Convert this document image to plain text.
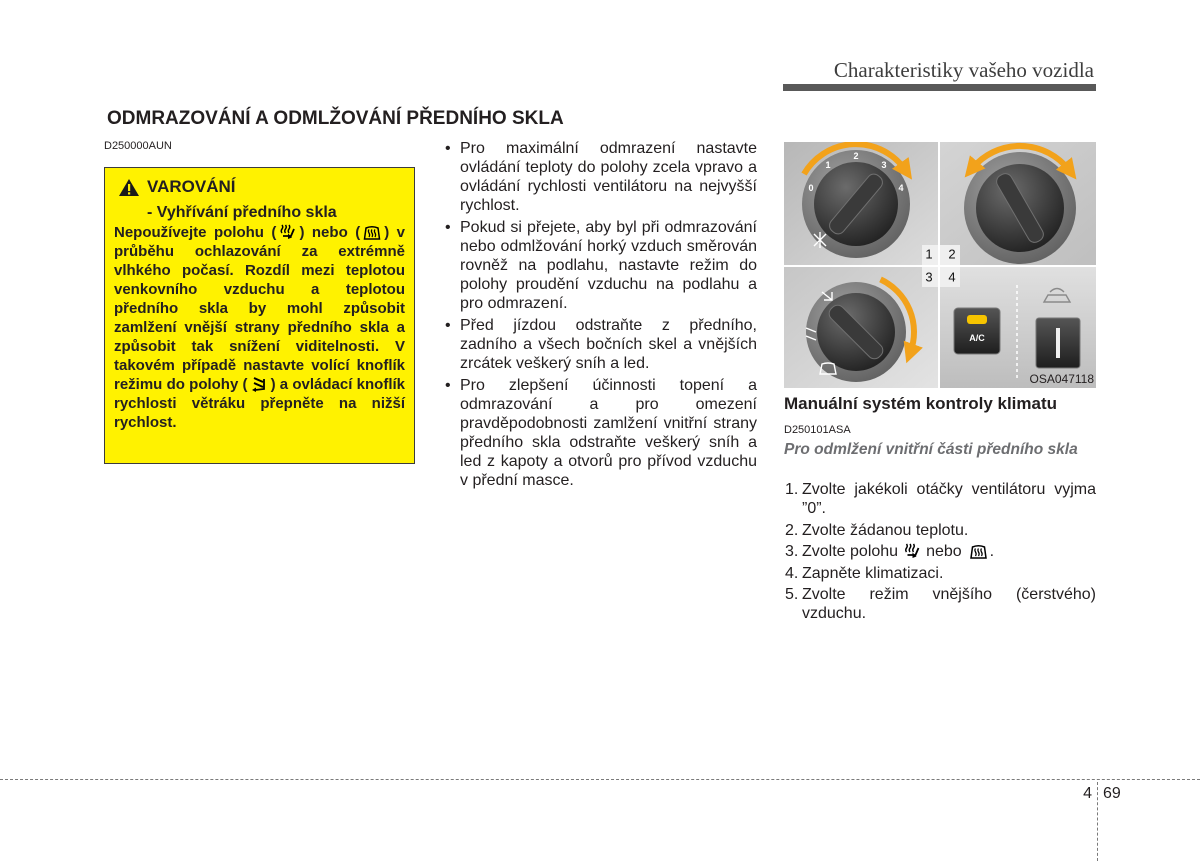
Charakteristiky vašeho vozidla
ODMRAZOVÁNÍ A ODMLŽOVÁNÍ PŘEDNÍHO SKLA
D250000AUN
VAROVÁNÍ
- Vyhřívání předního skla
Nepoužívejte polohu ( ) nebo ( ) v průběhu ochlazování za extrémně vlhkého počasí. Rozdíl mezi teplotou venkovního vzduchu a teplotou předního skla by mohl způsobit zamlžení vnější strany předního skla a způsobit tak snížení viditelnosti. V takovém případě nastavte volící knoflík režimu do polohy ( ) a ovládací knoflík rychlosti větráku přepněte na nižší rychlost.
• Pro maximální odmrazení nastavte ovládání teploty do polohy zcela vpravo a ovládání rychlosti ventilátoru na nejvyšší rychlost.
• Pokud si přejete, aby byl při odmrazování nebo odmlžování horký vzduch směrován rovněž na podlahu, nastavte režim do polohy proudění vzduchu na podlahu a pro odmrazení.
• Před jízdou odstraňte z předního, zadního a všech bočních skel a vnějších zrcátek veškerý sníh a led.
• Pro zlepšení účinnosti topení a odmrazování a pro omezení pravděpodobnosti zamlžení vnitřní strany předního skla odstraňte veškerý sníh a led z kapoty a otvorů pro přívod vzduchu v přední masce.
0
1
2
3
4
A/C
1 2
3 4
OSA047118
Manuální systém kontroly klimatu
D250101ASA
Pro odmlžení vnitřní části předního skla
1. Zvolte jakékoli otáčky ventilátoru vyjma ”0”.
2. Zvolte žádanou teplotu.
3. Zvolte polohu nebo .
4. Zapněte klimatizaci.
5. Zvolte režim vnějšího (čerstvého) vzduchu.
4 69
